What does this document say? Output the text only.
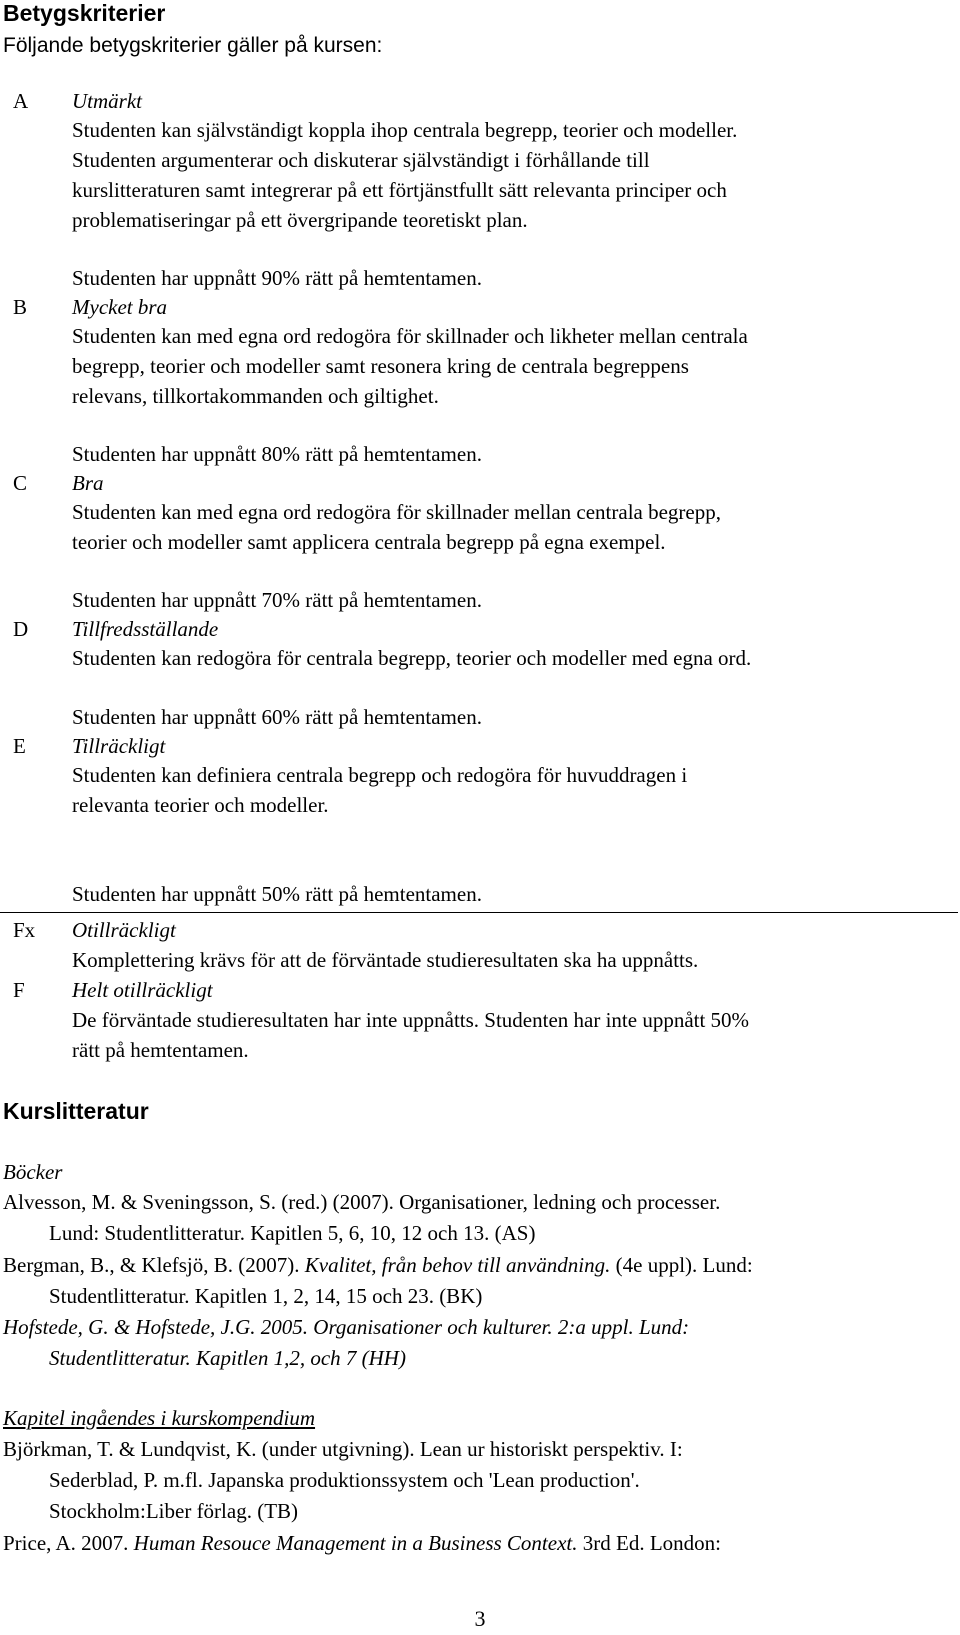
Betygskriterier
Följande betygskriterier gäller på kursen:
A Utmärkt
Studenten kan självständigt koppla ihop centrala begrepp, teorier och modeller.
Studenten argumenterar och diskuterar självständigt i förhållande till
kurslitteraturen samt integrerar på ett förtjänstfullt sätt relevanta principer och
problematiseringar på ett övergripande teoretiskt plan.
Studenten har uppnått 90% rätt på hemtentamen.
B Mycket bra
Studenten kan med egna ord redogöra för skillnader och likheter mellan centrala
begrepp, teorier och modeller samt resonera kring de centrala begreppens
relevans, tillkortakommanden och giltighet.
Studenten har uppnått 80% rätt på hemtentamen.
C Bra
Studenten kan med egna ord redogöra för skillnader mellan centrala begrepp,
teorier och modeller samt applicera centrala begrepp på egna exempel.
Studenten har uppnått 70% rätt på hemtentamen.
D Tillfredsställande
Studenten kan redogöra för centrala begrepp, teorier och modeller med egna ord.
Studenten har uppnått 60% rätt på hemtentamen.
E Tillräckligt
Studenten kan definiera centrala begrepp och redogöra för huvuddragen i
relevanta teorier och modeller.
Studenten har uppnått 50% rätt på hemtentamen.
Fx Otillräckligt
Komplettering krävs för att de förväntade studieresultaten ska ha uppnåtts.
F Helt otillräckligt
De förväntade studieresultaten har inte uppnåtts. Studenten har inte uppnått 50%
rätt på hemtentamen.
Kurslitteratur
Böcker
Alvesson, M. & Sveningsson, S. (red.) (2007). Organisationer, ledning och processer.
Lund: Studentlitteratur. Kapitlen 5, 6, 10, 12 och 13. (AS)
Bergman, B., & Klefsjö, B. (2007). Kvalitet, från behov till användning. (4e uppl). Lund:
Studentlitteratur. Kapitlen 1, 2, 14, 15 och 23. (BK)
Hofstede, G. & Hofstede, J.G. 2005. Organisationer och kulturer. 2:a uppl. Lund:
Studentlitteratur. Kapitlen 1,2, och 7 (HH)
Kapitel ingåendes i kurskompendium
Björkman, T. & Lundqvist, K. (under utgivning). Lean ur historiskt perspektiv. I:
Sederblad, P. m.fl. Japanska produktionssystem och 'Lean production'.
Stockholm:Liber förlag. (TB)
Price, A. 2007. Human Resouce Management in a Business Context. 3rd Ed. London:
3
